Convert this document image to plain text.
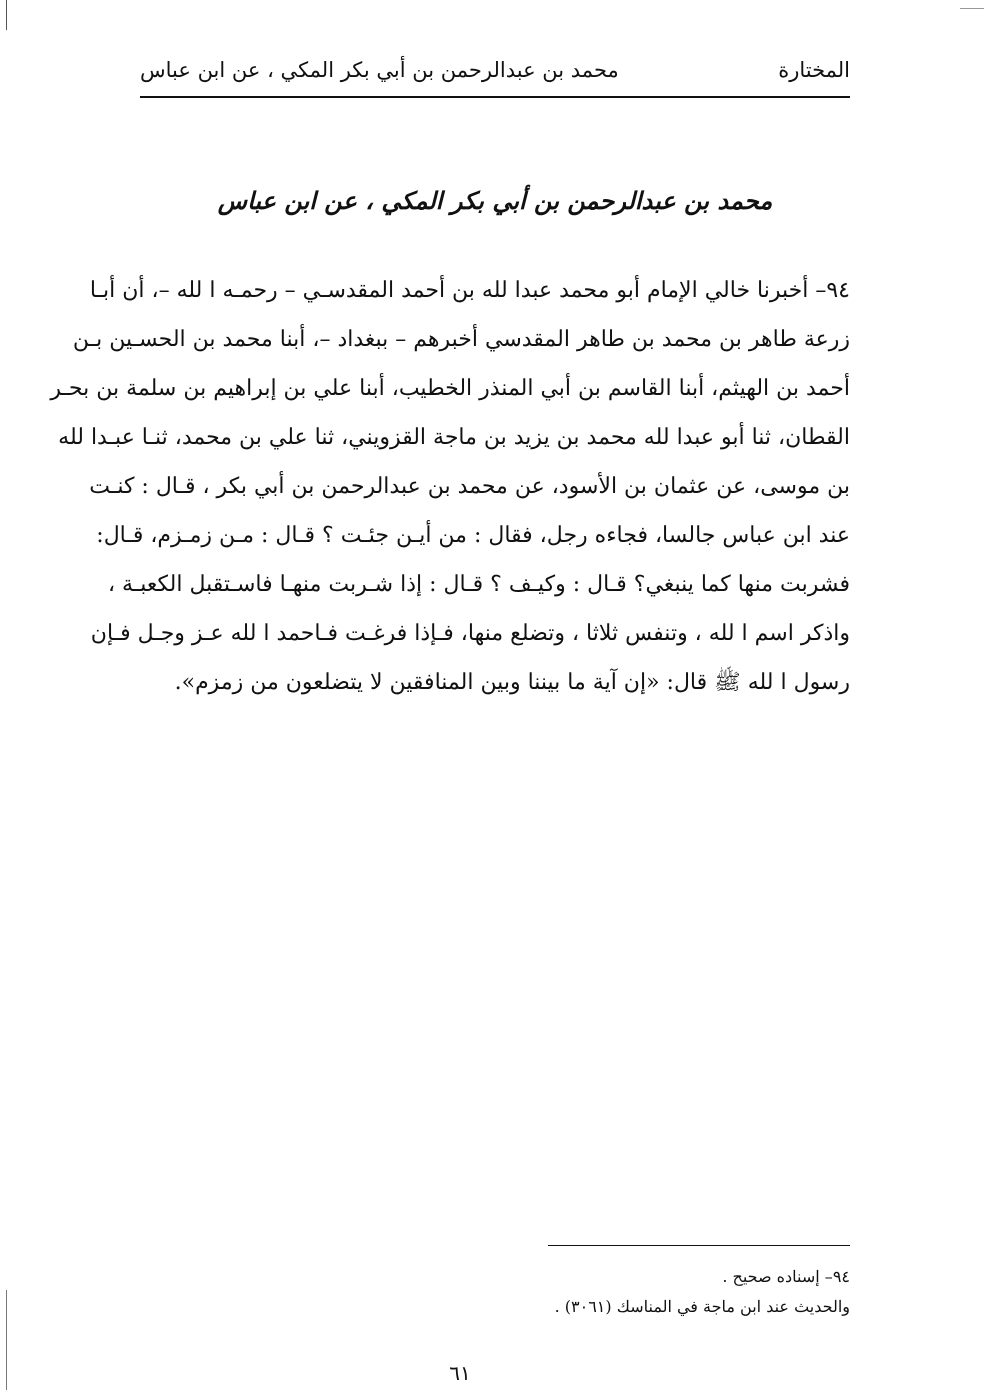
المختارة
محمد بن عبدالرحمن بن أبي بكر المكي ، عن ابن عباس
محمد بن عبدالرحمن بن أبي بكر المكي ، عن ابن عباس
٩٤– أخبرنا خالي الإمام أبو محمد عبدا لله بن أحمد المقدسـي – رحمـه ا لله –، أن أبـا
زرعة طاهر بن محمد بن طاهر المقدسي أخبرهم – ببغداد –، أبنا محمد بن الحسـين بـن
أحمد بن الهيثم، أبنا القاسم بن أبي المنذر الخطيب، أبنا علي بن إبراهيم بن سلمة بن بحـر
القطان، ثنا أبو عبدا لله محمد بن يزيد بن ماجة القزويني، ثنا علي بن محمد، ثنـا عبـدا لله
بن موسى، عن عثمان بن الأسود، عن محمد بن عبدالرحمن بن أبي بكر ، قـال : كنـت
عند ابن عباس جالسا، فجاءه رجل، فقال : من أيـن جئـت ؟ قـال : مـن زمـزم، قـال:
فشربت منها كما ينبغي؟ قـال : وكيـف ؟ قـال : إذا شـربت منهـا فاسـتقبل الكعبـة ،
واذكر اسم ا لله ، وتنفس ثلاثا ، وتضلع منها، فـإذا فرغـت فـاحمد ا لله عـز وجـل فـإن
رسول ا لله ﷺ قال: «إن آية ما بيننا وبين المنافقين لا يتضلعون من زمزم».
٩٤– إسناده صحيح .
والحديث عند ابن ماجة في المناسك (٣٠٦١) .
٦١
